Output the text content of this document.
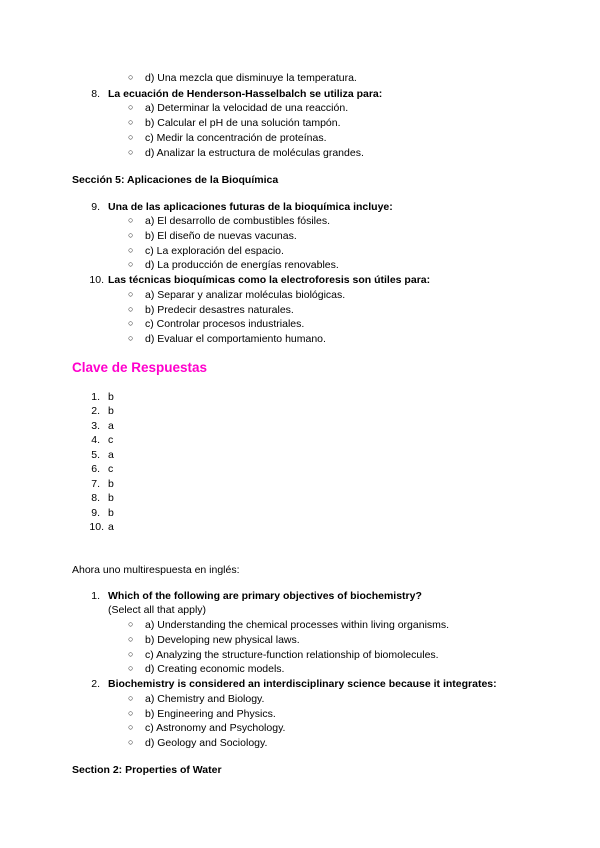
○ d) Una mezcla que disminuye la temperatura.
8. La ecuación de Henderson-Hasselbalch se utiliza para:
○ a) Determinar la velocidad de una reacción.
○ b) Calcular el pH de una solución tampón.
○ c) Medir la concentración de proteínas.
○ d) Analizar la estructura de moléculas grandes.
Sección 5: Aplicaciones de la Bioquímica
9. Una de las aplicaciones futuras de la bioquímica incluye:
○ a) El desarrollo de combustibles fósiles.
○ b) El diseño de nuevas vacunas.
○ c) La exploración del espacio.
○ d) La producción de energías renovables.
10. Las técnicas bioquímicas como la electroforesis son útiles para:
○ a) Separar y analizar moléculas biológicas.
○ b) Predecir desastres naturales.
○ c) Controlar procesos industriales.
○ d) Evaluar el comportamiento humano.
Clave de Respuestas
1. b
2. b
3. a
4. c
5. a
6. c
7. b
8. b
9. b
10. a
Ahora uno multirespuesta en inglés:
1. Which of the following are primary objectives of biochemistry?
(Select all that apply)
○ a) Understanding the chemical processes within living organisms.
○ b) Developing new physical laws.
○ c) Analyzing the structure-function relationship of biomolecules.
○ d) Creating economic models.
2. Biochemistry is considered an interdisciplinary science because it integrates:
○ a) Chemistry and Biology.
○ b) Engineering and Physics.
○ c) Astronomy and Psychology.
○ d) Geology and Sociology.
Section 2: Properties of Water
